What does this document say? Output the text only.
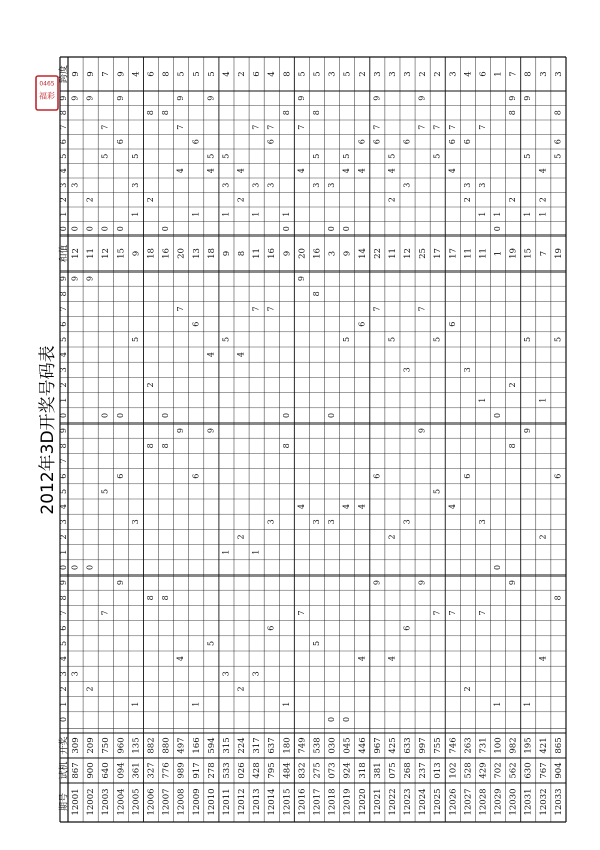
期号
试机
开奖
0
1
2
3
4
5
6
7
8
9
0
1
2
3
4
5
6
7
8
9
0
1
2
3
4
5
6
7
8
9
和值
0
1
2
3
4
5
6
7
8
9
跨度
12001
867
309
3
0
9
12
3
0
9
9
12002
900
209
2
0
9
11
2
0
9
9
12003
640
750
7
5
0
12
7
5
0
7
12004
094
960
9
6
0
15
9
6
0
9
12005
361
135
1
3
5
9
1
3
5
4
12006
327
882
8
8
2
18
8
2
6
12007
776
880
8
8
0
16
8
0
8
12008
989
497
4
9
7
20
4
9
7
5
12009
917
166
1
6
6
13
1
6
5
12010
278
594
5
9
4
18
5
9
4
5
12011
533
315
3
1
5
9
3
1
5
4
12012
026
224
2
2
4
8
2
4
2
12013
428
317
3
1
7
11
3
1
7
6
12014
795
637
6
3
7
16
6
3
7
4
12015
484
180
1
8
0
9
1
8
0
8
12016
832
749
7
4
9
20
7
4
9
5
12017
275
538
5
3
8
16
5
3
8
5
12018
073
030
0
3
0
3
0
3
3
12019
924
045
0
4
5
9
0
4
5
5
12020
318
446
4
4
6
14
4
6
2
12021
381
967
9
6
7
22
9
6
7
3
12022
075
425
4
2
5
11
4
2
5
3
12023
268
633
6
3
3
12
6
3
3
12024
237
997
9
9
7
25
9
7
2
12025
013
755
7
5
5
17
7
5
2
12026
102
746
7
4
6
17
7
4
6
3
12027
528
263
2
6
3
11
2
6
3
4
12028
429
731
7
3
1
11
7
3
1
6
12029
702
100
1
0
0
1
1
0
1
12030
562
982
9
8
2
19
9
8
2
7
12031
630
195
1
9
5
15
1
9
5
8
12032
767
421
4
2
1
7
4
2
1
3
12033
904
865
8
6
5
19
8
6
5
3
2012年3D开奖号码表
0465
福彩
